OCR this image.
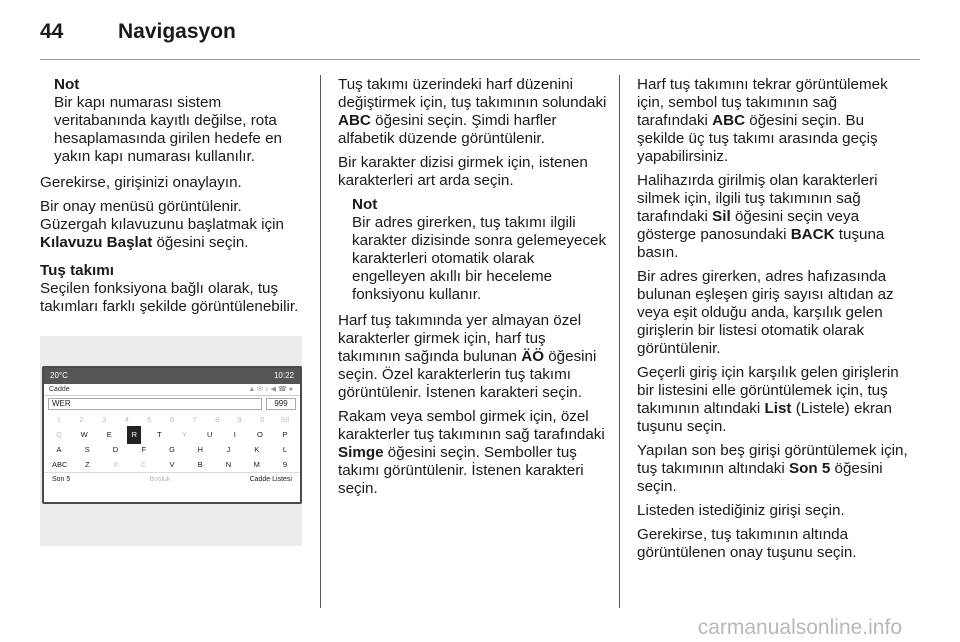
44	Navigasyon
Not
Bir kapı numarası sistem veritabanında kayıtlı değilse, rota hesaplamasında girilen hedefe en yakın kapı numarası kullanılır.

Gerekirse, girişinizi onaylayın.

Bir onay menüsü görüntülenir. Güzergah kılavuzunu başlatmak için Kılavuzu Başlat öğesini seçin.

Tuş takımı

Seçilen fonksiyona bağlı olarak, tuş takımları farklı şekilde görüntülenebilir.

20°C	10:22
Cadde	▲✉♪◀☎●
WER	999
1	2	3	4	5	6	7	8	9	0	Sil
Q	W	E	R	T	Y	U	I	O	P
A	S	D	F	G	H	J	K	L
ABC	Z	X	C	V	B	N	M	9
Son 5	Boşluk	Cadde Listesi

Tuş takımı üzerindeki harf düzenini değiştirmek için, tuş takımının solundaki ABC öğesini seçin. Şimdi harfler alfabetik düzende görüntülenir.

Bir karakter dizisi girmek için, istenen karakterleri art arda seçin.

Not
Bir adres girerken, tuş takımı ilgili karakter dizisinde sonra gelemeyecek karakterleri otomatik olarak engelleyen akıllı bir heceleme fonksiyonu kullanır.

Harf tuş takımında yer almayan özel karakterler girmek için, harf tuş takımının sağında bulunan ÄÖ öğesini seçin. Özel karakterlerin tuş takımı görüntülenir. İstenen karakteri seçin.

Rakam veya sembol girmek için, özel karakterler tuş takımının sağ tarafındaki Simge öğesini seçin. Semboller tuş takımı görüntülenir. İstenen karakteri seçin.

Harf tuş takımını tekrar görüntülemek için, sembol tuş takımının sağ tarafındaki ABC öğesini seçin. Bu şekilde üç tuş takımı arasında geçiş yapabilirsiniz.

Halihazırda girilmiş olan karakterleri silmek için, ilgili tuş takımının sağ tarafındaki Sil öğesini seçin veya gösterge panosundaki BACK tuşuna basın.

Bir adres girerken, adres hafızasında bulunan eşleşen giriş sayısı altıdan az veya eşit olduğu anda, karşılık gelen girişlerin bir listesi otomatik olarak görüntülenir.

Geçerli giriş için karşılık gelen girişlerin bir listesini elle görüntülemek için, tuş takımının altındaki List (Listele) ekran tuşunu seçin.

Yapılan son beş girişi görüntülemek için, tuş takımının altındaki Son 5 öğesini seçin.

Listeden istediğiniz girişi seçin.

Gerekirse, tuş takımının altında görüntülenen onay tuşunu seçin.

carmanualsonline.info
